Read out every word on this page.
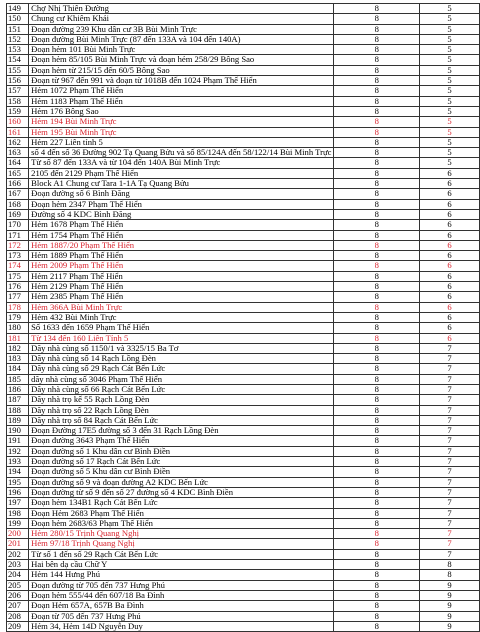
149	Chợ Nhị Thiên Đường	8	5
150	Chung cư Khiêm Khải	8	5
151	Đoạn đường 239 Khu dân cư 3B Bùi Minh Trực	8	5
152	Đoạn đường Bùi Minh Trực (87 đến 133A và 104 đến 140A)	8	5
153	Đoạn hẻm 101 Bùi Minh Trực	8	5
154	Đoạn hẻm 85/105 Bùi Minh Trực và đoạn hẻm 258/29 Bông Sao	8	5
155	Đoạn hẻm từ 215/15 đến 60/5 Bông Sao	8	5
156	Đoạn từ 967 đến 991 và đoạn từ 1018B đến 1024 Phạm Thế Hiển	8	5
157	Hẻm 1072 Phạm Thế Hiển	8	5
158	Hẻm 1183 Phạm Thế Hiển	8	5
159	Hẻm 176 Bông Sao	8	5
160	Hẻm 194 Bùi Minh Trực	8	5
161	Hẻm 195 Bùi Minh Trực	8	5
162	Hẻm 227 Liên tỉnh 5	8	5
163	số 4 đến số 36 Đường 902 Tạ Quang Bửu và số 85/124A đến 58/122/14 Bùi Minh Trực	8	5
164	Từ số 87 đến 133A và từ 104 đến 140A Bùi Minh Trực	8	5
165	2105 đến 2129 Phạm Thế Hiển	8	6
166	Block A1 Chung cư Tara 1-1A Tạ Quang Bửu	8	6
167	Đoạn đường số 6 Bình Đăng	8	6
168	Đoạn hẻm 2347 Phạm Thế Hiển	8	6
169	Đường số 4 KDC Bình Đăng	8	6
170	Hẻm 1678 Phạm Thế Hiển	8	6
171	Hẻm 1754 Phạm Thế Hiển	8	6
172	Hẻm 1887/20 Phạm Thế Hiển	8	6
173	Hẻm 1889 Phạm Thế Hiển	8	6
174	Hẻm 2009 Phạm Thế Hiển	8	6
175	Hẻm 2117 Phạm Thế Hiển	8	6
176	Hẻm 2129 Phạm Thế Hiển	8	6
177	Hẻm 2385 Phạm Thế Hiển	8	6
178	Hẻm 366A Bùi Minh Trực	8	6
179	Hẻm 432 Bùi Minh Trực	8	6
180	Số 1633 đến 1659 Phạm Thế Hiển	8	6
181	Từ 134 đến 160 Liên Tỉnh 5	8	6
182	Dãy nhà cùng số 1150/1 và 3325/15 Ba Tơ	8	7
183	Dãy nhà cùng số 14 Rạch Lồng Đèn	8	7
184	Dãy nhà cùng số 29 Rạch Cát Bến Lức	8	7
185	dãy nhà cùng số 3046 Phạm Thế Hiển	8	7
186	Dãy nhà cùng số 66 Rạch Cát Bến Lức	8	7
187	Dãy nhà trọ kế 55 Rạch Lồng Đèn	8	7
188	Dãy nhà trọ số 22 Rạch Lồng Đèn	8	7
189	Dãy nhà trọ số 84 Rạch Cát Bến Lức	8	7
190	Đoạn Đường 17E5 đường số 3 đến 31 Rạch Lồng Đèn	8	7
191	Đoạn đường 3643 Phạm Thế Hiển	8	7
192	Đoạn đường số 1 Khu dân cư Bình Điền	8	7
193	Đoạn đường số 17 Rạch Cát Bến Lức	8	7
194	Đoạn đường số 5 Khu dân cư Bình Điền	8	7
195	Đoạn đường số 9 và đoạn đường A2 KDC Bến Lức	8	7
196	Đoạn đường từ số 9 đến số 27 đường số 4 KDC Bình Điền	8	7
197	Đoạn hẻm 134B1 Rạch Cát Bến Lức	8	7
198	Đoạn Hẻm 2683 Phạm Thế Hiển	8	7
199	Đoạn hẻm 2683/63 Phạm Thế Hiển	8	7
200	Hẻm 280/15 Trịnh Quang Nghị	8	7
201	Hẻm 97/18 Trịnh Quang Nghị	8	7
202	Từ số 1 đến số 29 Rạch Cát Bến Lức	8	7
203	Hai bên dạ cầu Chữ Y	8	8
204	Hẻm 144 Hưng Phú	8	8
205	Đoạn đường từ 705 đến 737 Hưng Phú	8	9
206	Đoạn hẻm 555/44 đến 607/18 Ba Đình	8	9
207	Đoạn Hẻm 657A, 657B Ba Đình	8	9
208	Đoạn từ 705 đến 737 Hưng Phú	8	9
209	Hẻm 34, Hẻm 14D Nguyễn Duy	8	9
